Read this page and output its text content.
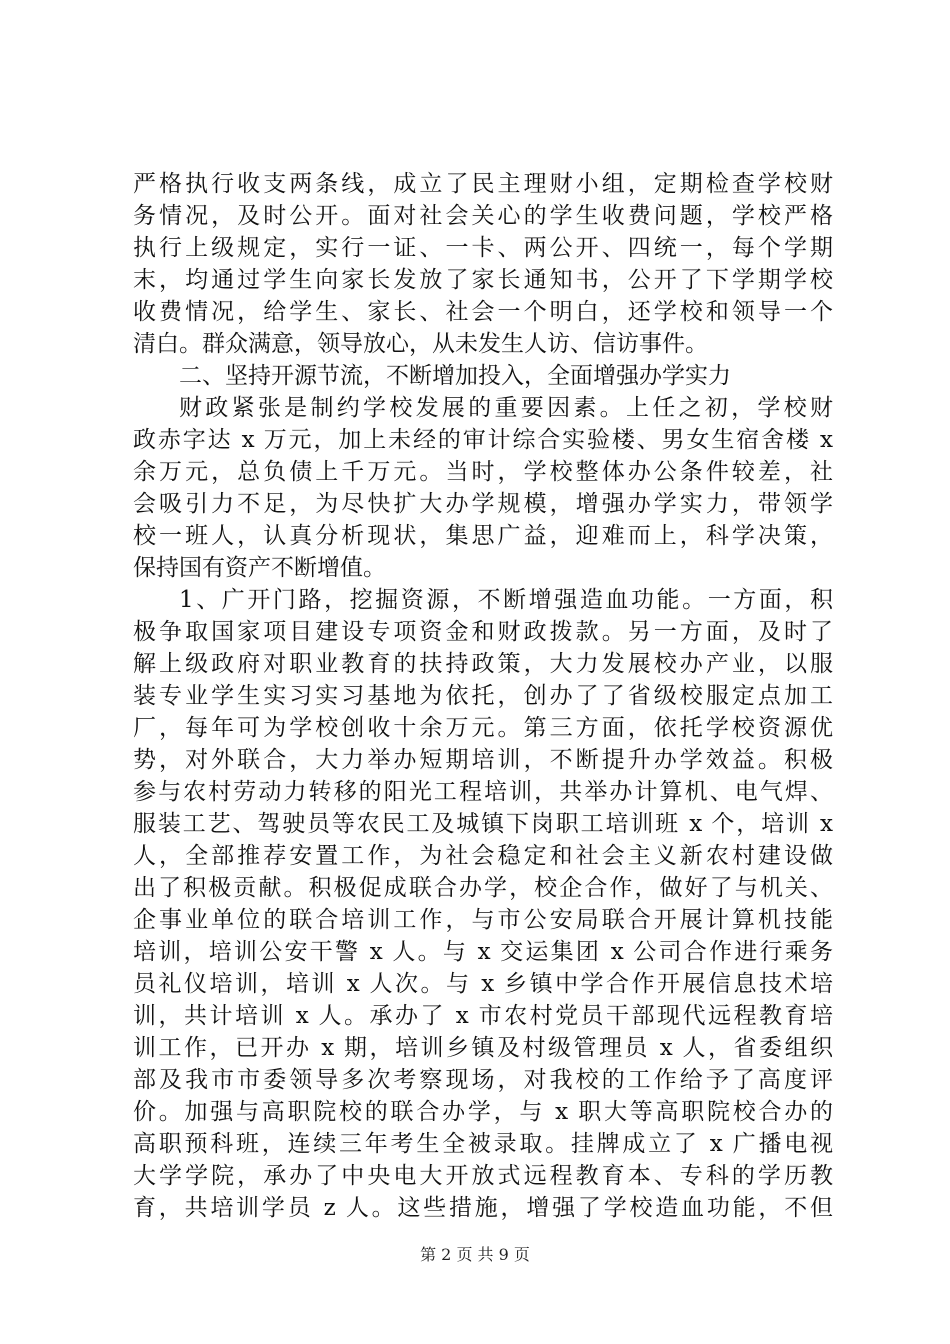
严格执行收支两条线，成立了民主理财小组，定期检查学校财
务情况，及时公开。面对社会关心的学生收费问题，学校严格
执行上级规定，实行一证、一卡、两公开、四统一，每个学期
末，均通过学生向家长发放了家长通知书，公开了下学期学校
收费情况，给学生、家长、社会一个明白，还学校和领导一个
清白。群众满意，领导放心，从未发生人访、信访事件。
二、坚持开源节流，不断增加投入，全面增强办学实力
财政紧张是制约学校发展的重要因素。上任之初，学校财
政赤字达 x 万元，加上未经的审计综合实验楼、男女生宿舍楼 x
余万元，总负债上千万元。当时，学校整体办公条件较差，社
会吸引力不足，为尽快扩大办学规模，增强办学实力，带领学
校一班人，认真分析现状，集思广益，迎难而上，科学决策，
保持国有资产不断增值。
1、广开门路，挖掘资源，不断增强造血功能。一方面，积
极争取国家项目建设专项资金和财政拨款。另一方面，及时了
解上级政府对职业教育的扶持政策，大力发展校办产业，以服
装专业学生实习实习基地为依托，创办了了省级校服定点加工
厂，每年可为学校创收十余万元。第三方面，依托学校资源优
势，对外联合，大力举办短期培训，不断提升办学效益。积极
参与农村劳动力转移的阳光工程培训，共举办计算机、电气焊、
服装工艺、驾驶员等农民工及城镇下岗职工培训班 x 个，培训 x
人，全部推荐安置工作，为社会稳定和社会主义新农村建设做
出了积极贡献。积极促成联合办学，校企合作，做好了与机关、
企事业单位的联合培训工作，与市公安局联合开展计算机技能
培训，培训公安干警 x 人。与 x 交运集团 x 公司合作进行乘务
员礼仪培训，培训 x 人次。与 x 乡镇中学合作开展信息技术培
训，共计培训 x 人。承办了 x 市农村党员干部现代远程教育培
训工作，已开办 x 期，培训乡镇及村级管理员 x 人，省委组织
部及我市市委领导多次考察现场，对我校的工作给予了高度评
价。加强与高职院校的联合办学，与 x 职大等高职院校合办的
高职预科班，连续三年考生全被录取。挂牌成立了 x 广播电视
大学学院，承办了中央电大开放式远程教育本、专科的学历教
育，共培训学员 z 人。这些措施，增强了学校造血功能，不但
第 2 页 共 9 页
